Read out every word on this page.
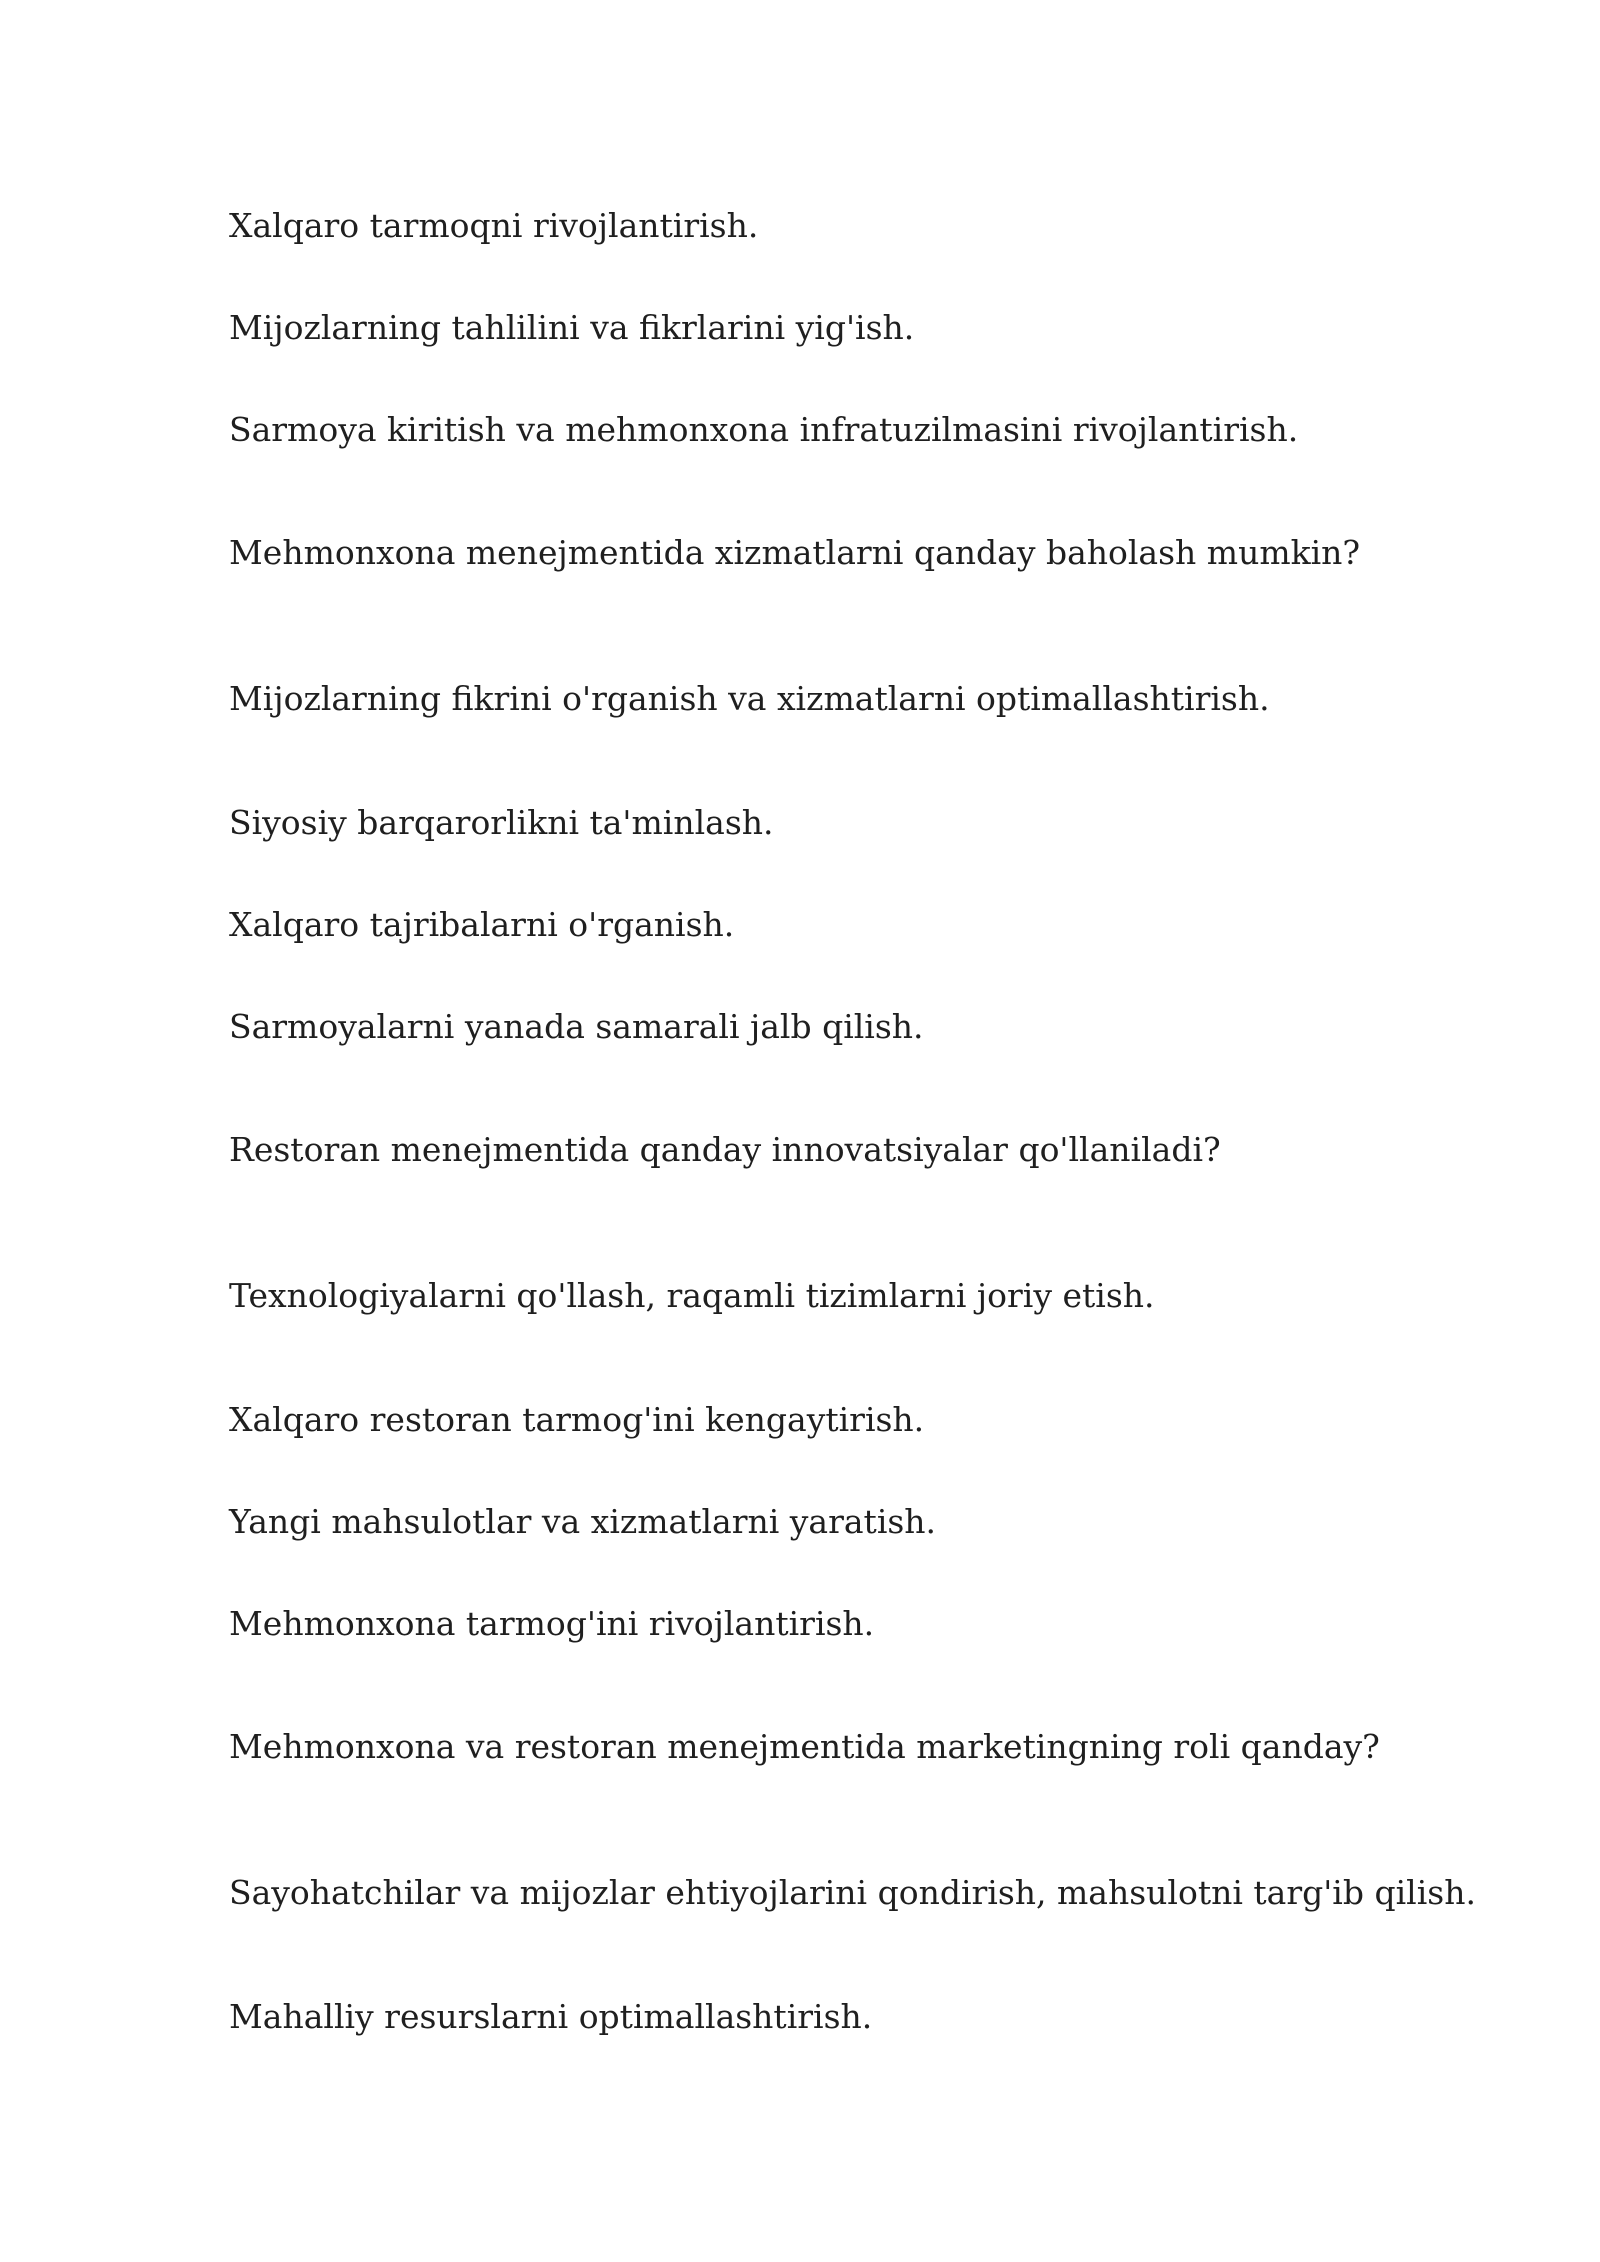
Xalqaro tarmoqni rivojlantirish.

Mijozlarning tahlilini va fikrlarini yig'ish.

Sarmoya kiritish va mehmonxona infratuzilmasini rivojlantirish.

Mehmonxona menejmentida xizmatlarni qanday baholash mumkin?

Mijozlarning fikrini o'rganish va xizmatlarni optimallashtirish.

Siyosiy barqarorlikni ta'minlash.

Xalqaro tajribalarni o'rganish.

Sarmoyalarni yanada samarali jalb qilish.

Restoran menejmentida qanday innovatsiyalar qo'llaniladi?

Texnologiyalarni qo'llash, raqamli tizimlarni joriy etish.

Xalqaro restoran tarmog'ini kengaytirish.

Yangi mahsulotlar va xizmatlarni yaratish.

Mehmonxona tarmog'ini rivojlantirish.

Mehmonxona va restoran menejmentida marketingning roli qanday?

Sayohatchilar va mijozlar ehtiyojlarini qondirish, mahsulotni targ'ib qilish.

Mahalliy resurslarni optimallashtirish.
